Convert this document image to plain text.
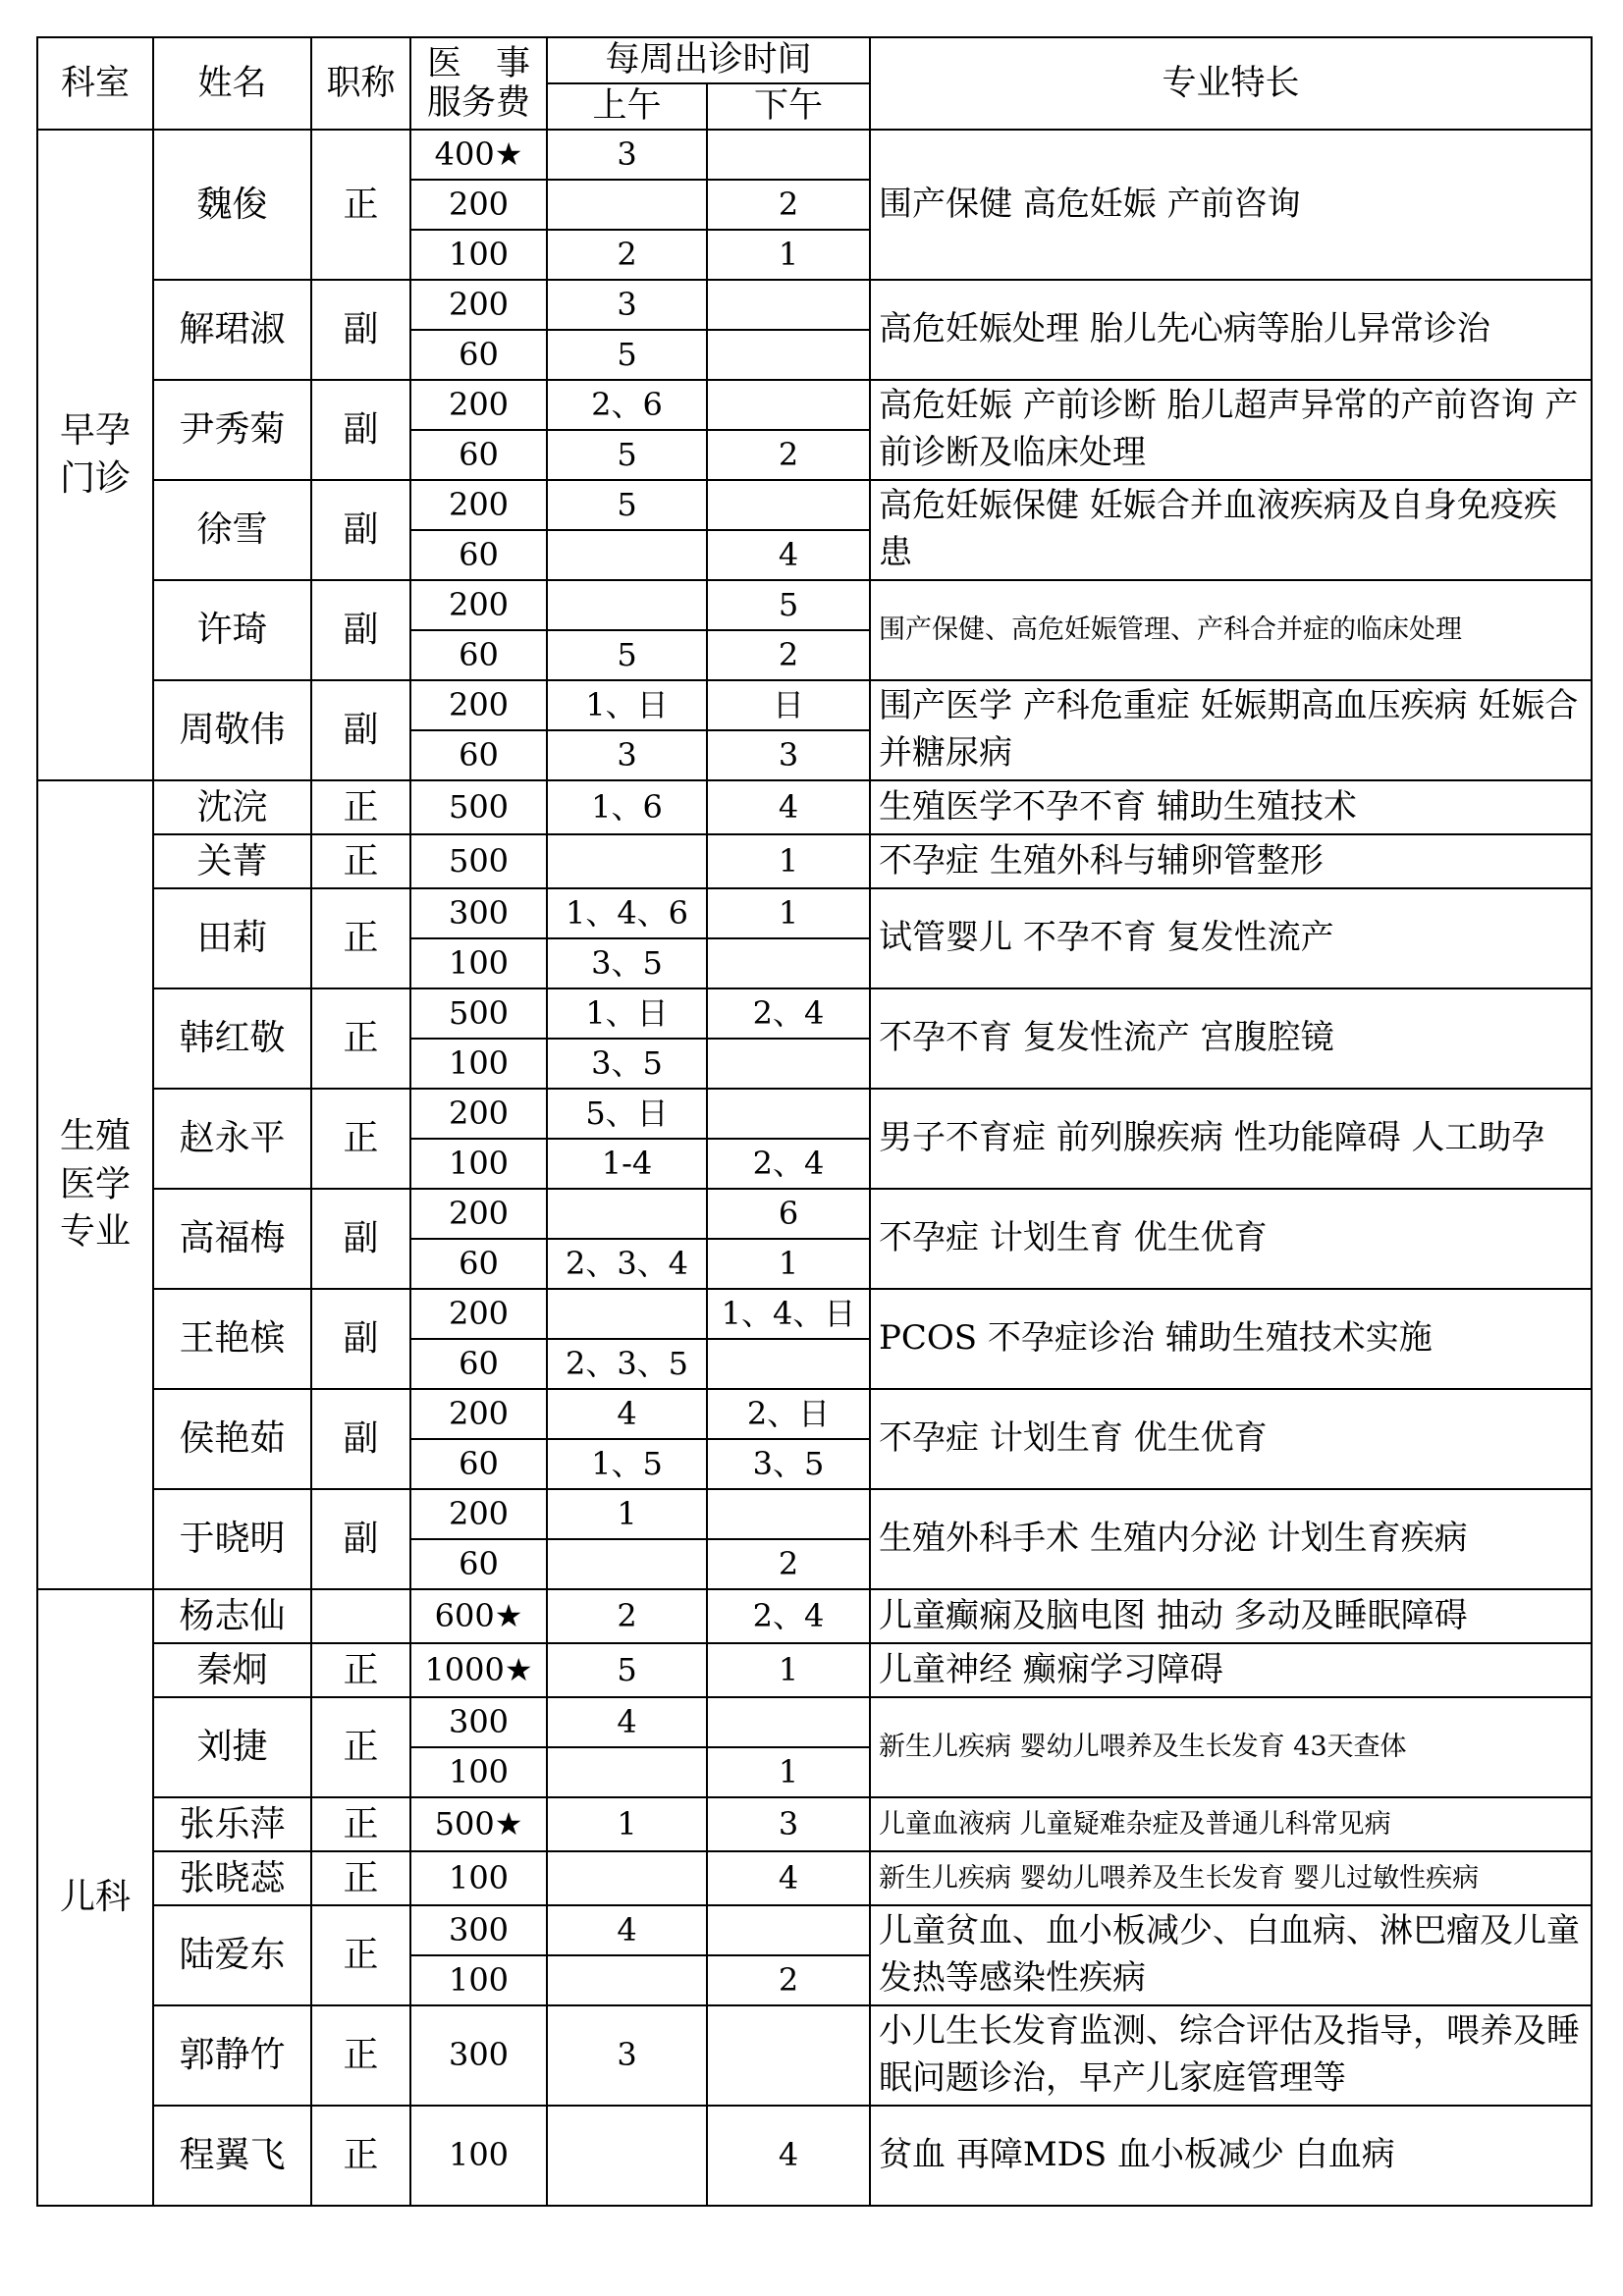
科室	姓名	职称	医　事
服务费	每周出诊时间		专业特长
				上午	下午	

早孕
门诊	魏俊	正	400★	3		围产保健 高危妊娠 产前咨询
			200		2	
			100	2	1	
	解珺淑	副	200	3		高危妊娠处理 胎儿先心病等胎儿异常诊治
			60	5		
	尹秀菊	副	200	2、6		高危妊娠 产前诊断 胎儿超声异常的产前咨询 产前诊断及临床处理
			60	5	2	
	徐雪	副	200	5		高危妊娠保健 妊娠合并血液疾病及自身免疫疾患
			60		4	
	许琦	副	200		5	围产保健、高危妊娠管理、产科合并症的临床处理
			60	5	2	
	周敬伟	副	200	1、日	日	围产医学 产科危重症 妊娠期高血压疾病 妊娠合并糖尿病
			60	3	3	

生殖
医学
专业	沈浣	正	500	1、6	4	生殖医学不孕不育 辅助生殖技术
	关菁	正	500		1	不孕症 生殖外科与辅卵管整形
	田莉	正	300	1、4、6	1	试管婴儿 不孕不育 复发性流产
			100	3、5		
	韩红敬	正	500	1、日	2、4	不孕不育 复发性流产 宫腹腔镜
			100	3、5		
	赵永平	正	200	5、日		男子不育症 前列腺疾病 性功能障碍 人工助孕
			100	1-4	2、4	
	高福梅	副	200		6	不孕症 计划生育 优生优育
			60	2、3、4	1	
	王艳槟	副	200		1、4、日	PCOS 不孕症诊治 辅助生殖技术实施
			60	2、3、5		
	侯艳茹	副	200	4	2、日	不孕症 计划生育 优生优育
			60	1、5	3、5	
	于晓明	副	200	1		生殖外科手术 生殖内分泌 计划生育疾病
			60		2	

儿科	杨志仙		600★	2	2、4	儿童癫痫及脑电图 抽动 多动及睡眠障碍
	秦炯	正	1000★	5	1	儿童神经 癫痫学习障碍
	刘捷	正	300	4		新生儿疾病 婴幼儿喂养及生长发育 43天查体
			100		1	
	张乐萍	正	500★	1	3	儿童血液病 儿童疑难杂症及普通儿科常见病
	张晓蕊	正	100		4	新生儿疾病 婴幼儿喂养及生长发育 婴儿过敏性疾病
	陆爱东	正	300	4		儿童贫血、血小板减少、白血病、淋巴瘤及儿童发热等感染性疾病
			100		2	
	郭静竹	正	300	3		小儿生长发育监测、综合评估及指导，喂养及睡眠问题诊治，早产儿家庭管理等
	程翼飞	正	100		4	贫血 再障MDS 血小板减少 白血病
